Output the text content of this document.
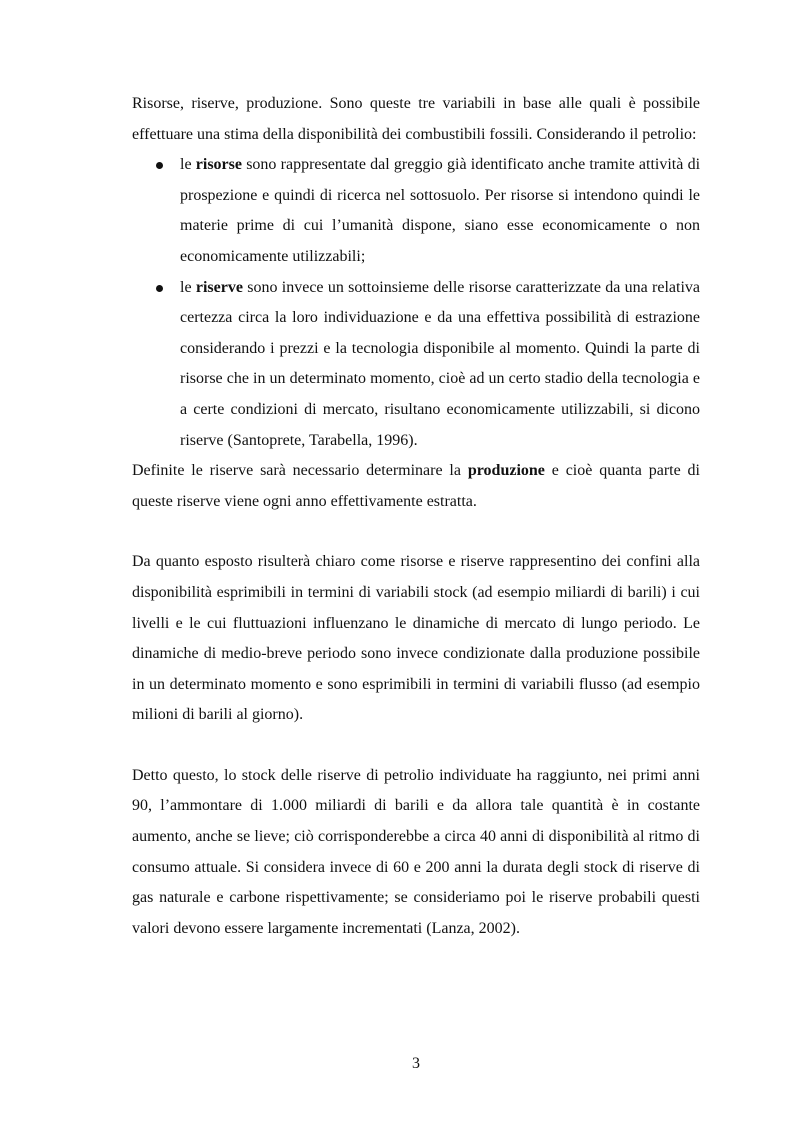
Risorse, riserve, produzione. Sono queste tre variabili in base alle quali è possibile effettuare una stima della disponibilità dei combustibili fossili. Considerando il petrolio:

le risorse sono rappresentate dal greggio già identificato anche tramite attività di prospezione e quindi di ricerca nel sottosuolo. Per risorse si intendono quindi le materie prime di cui l’umanità dispone, siano esse economicamente o non economicamente utilizzabili;
le riserve sono invece un sottoinsieme delle risorse caratterizzate da una relativa certezza circa la loro individuazione e da una effettiva possibilità di estrazione considerando i prezzi e la tecnologia disponibile al momento. Quindi la parte di risorse che in un determinato momento, cioè ad un certo stadio della tecnologia e a certe condizioni di mercato, risultano economicamente utilizzabili, si dicono riserve (Santoprete, Tarabella, 1996).

Definite le riserve sarà necessario determinare la produzione e cioè quanta parte di queste riserve viene ogni anno effettivamente estratta.

Da quanto esposto risulterà chiaro come risorse e riserve rappresentino dei confini alla disponibilità esprimibili in termini di variabili stock (ad esempio miliardi di barili) i cui livelli e le cui fluttuazioni influenzano le dinamiche di mercato di lungo periodo. Le dinamiche di medio-breve periodo sono invece condizionate dalla produzione possibile in un determinato momento e sono esprimibili in termini di variabili flusso (ad esempio milioni di barili al giorno).

Detto questo, lo stock delle riserve di petrolio individuate ha raggiunto, nei primi anni 90, l’ammontare di 1.000 miliardi di barili e da allora tale quantità è in costante aumento, anche se lieve; ciò corrisponderebbe a circa 40 anni di disponibilità al ritmo di consumo attuale. Si considera invece di 60 e 200 anni la durata degli stock di riserve di gas naturale e carbone rispettivamente; se consideriamo poi le riserve probabili questi valori devono essere largamente incrementati (Lanza, 2002).

3
